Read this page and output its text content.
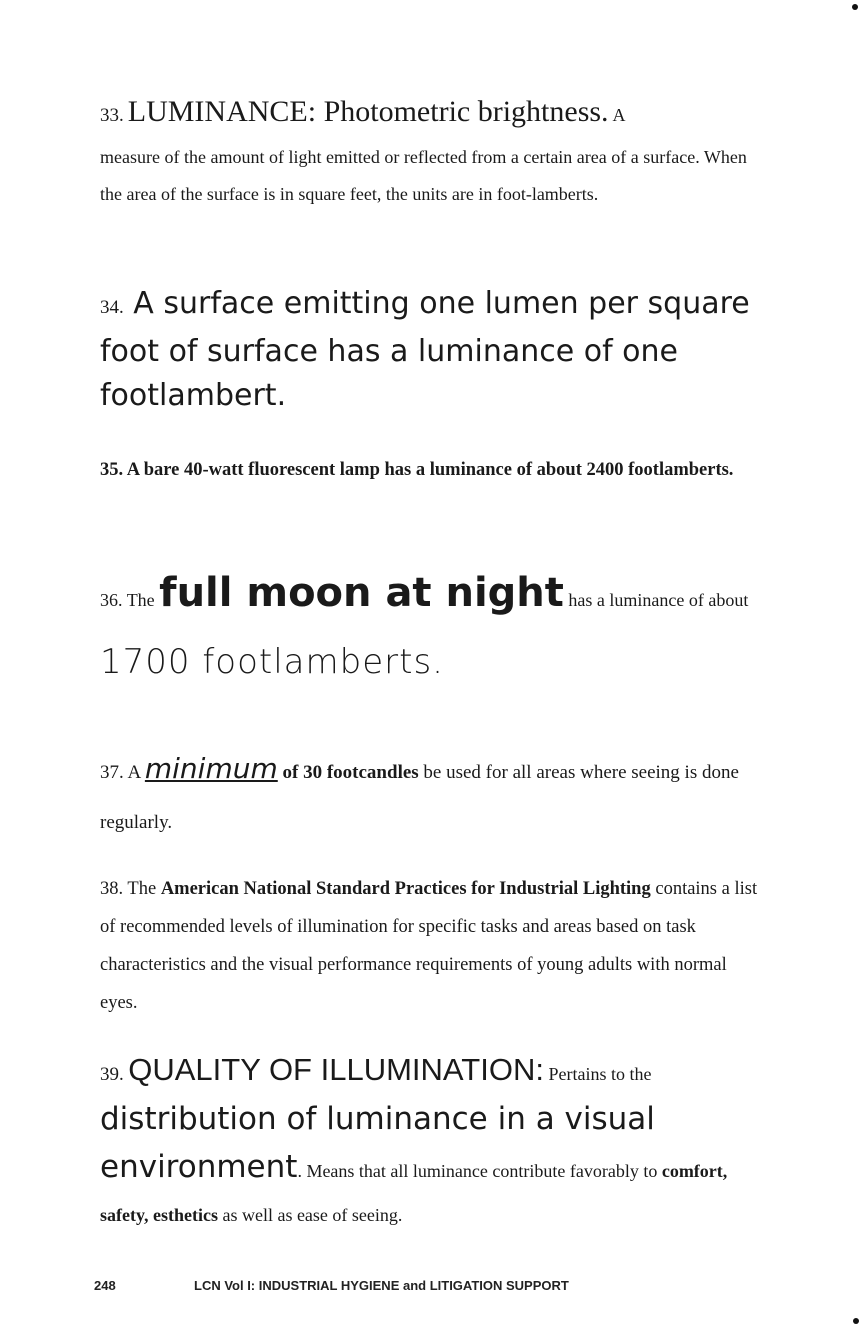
33. LUMINANCE: Photometric brightness. A
measure of the amount of light emitted or reflected from a certain area of a surface. When the area of the surface is in square feet, the units are in foot-lamberts.
34. A surface emitting one lumen per square foot of surface has a luminance of one footlambert.
35. A bare 40-watt fluorescent lamp has a luminance of about 2400 footlamberts.
36. The full moon at night has a luminance of about 1700 footlamberts.
37. A minimum of 30 footcandles be used for all areas where seeing is done regularly.
38. The American National Standard Practices for Industrial Lighting contains a list of recommended levels of illumination for specific tasks and areas based on task characteristics and the visual performance requirements of young adults with normal eyes.
39. QUALITY OF ILLUMINATION: Pertains to the distribution of luminance in a visual environment. Means that all luminance contribute favorably to comfort, safety, esthetics as well as ease of seeing.
248	LCN Vol I: INDUSTRIAL HYGIENE and LITIGATION SUPPORT
